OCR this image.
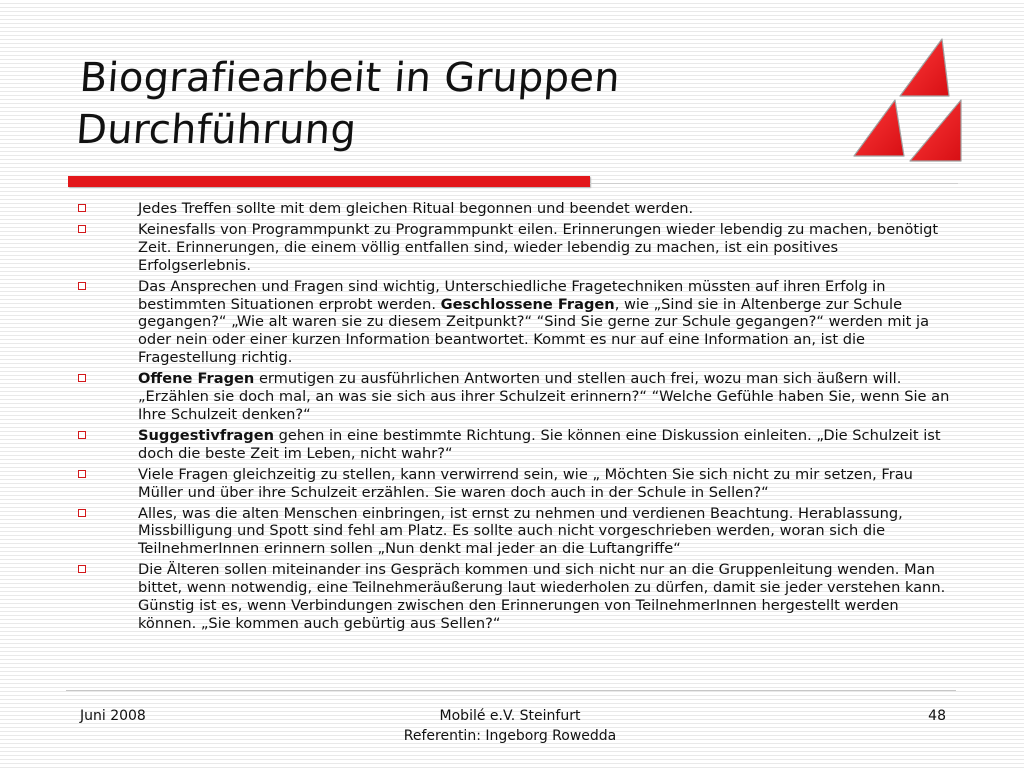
Biografiearbeit in Gruppen
Durchführung
Jedes Treffen sollte mit dem gleichen Ritual begonnen und beendet werden.
Keinesfalls von Programmpunkt zu Programmpunkt eilen. Erinnerungen wieder lebendig zu machen, benötigt Zeit. Erinnerungen, die einem völlig entfallen sind, wieder lebendig zu machen, ist ein positives Erfolgserlebnis.
Das Ansprechen und Fragen sind wichtig, Unterschiedliche Fragetechniken müssten auf ihren Erfolg in bestimmten Situationen erprobt werden. Geschlossene Fragen, wie „Sind sie in Altenberge zur Schule gegangen?“ „Wie alt waren sie zu diesem Zeitpunkt?“ “Sind Sie gerne zur Schule gegangen?“ werden mit ja oder nein oder einer kurzen Information beantwortet. Kommt es nur auf eine Information an, ist die Fragestellung richtig.
Offene Fragen ermutigen zu ausführlichen Antworten und stellen auch frei, wozu man sich äußern will. „Erzählen sie doch mal, an was sie sich aus ihrer Schulzeit erinnern?“ “Welche Gefühle haben Sie, wenn Sie an Ihre Schulzeit denken?“
Suggestivfragen gehen in eine bestimmte Richtung. Sie können eine Diskussion einleiten. „Die Schulzeit ist doch die beste Zeit im Leben, nicht wahr?“
Viele Fragen gleichzeitig zu stellen, kann verwirrend sein, wie „ Möchten Sie sich nicht zu mir setzen, Frau Müller und über ihre Schulzeit erzählen. Sie waren doch auch in der Schule in Sellen?“
Alles, was die alten Menschen einbringen, ist ernst zu nehmen und verdienen Beachtung. Herablassung, Missbilligung und Spott sind fehl am Platz. Es sollte auch nicht vorgeschrieben werden, woran sich die TeilnehmerInnen erinnern sollen „Nun denkt mal jeder an die Luftangriffe“
Die Älteren sollen miteinander ins Gespräch kommen und sich nicht nur an die Gruppenleitung wenden. Man bittet, wenn notwendig, eine Teilnehmeräußerung laut wiederholen zu dürfen, damit sie jeder verstehen kann. Günstig ist es, wenn Verbindungen zwischen den Erinnerungen von TeilnehmerInnen hergestellt werden können. „Sie kommen auch gebürtig aus Sellen?“
Juni 2008	Mobilé e.V. Steinfurt
Referentin: Ingeborg Rowedda
48
